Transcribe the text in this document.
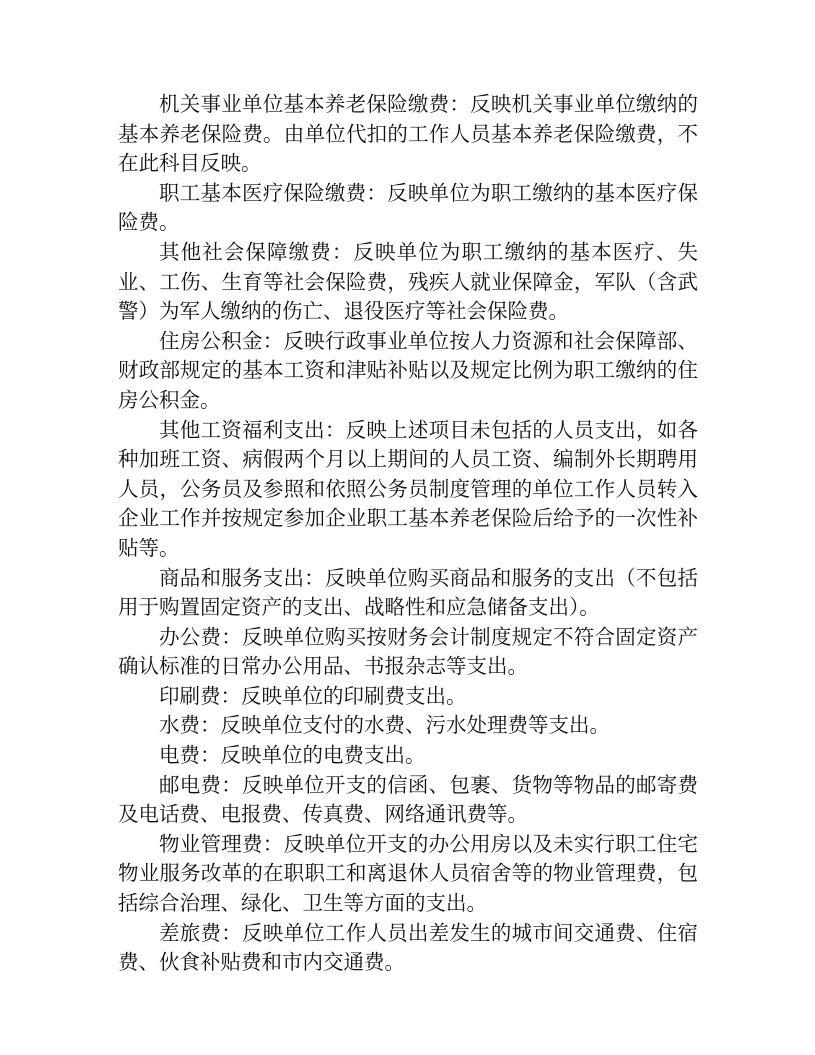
机关事业单位基本养老保险缴费：反映机关事业单位缴纳的基本养老保险费。由单位代扣的工作人员基本养老保险缴费，不在此科目反映。

职工基本医疗保险缴费：反映单位为职工缴纳的基本医疗保险费。

其他社会保障缴费：反映单位为职工缴纳的基本医疗、失业、工伤、生育等社会保险费，残疾人就业保障金，军队（含武警）为军人缴纳的伤亡、退役医疗等社会保险费。

住房公积金：反映行政事业单位按人力资源和社会保障部、财政部规定的基本工资和津贴补贴以及规定比例为职工缴纳的住房公积金。

其他工资福利支出：反映上述项目未包括的人员支出，如各种加班工资、病假两个月以上期间的人员工资、编制外长期聘用人员，公务员及参照和依照公务员制度管理的单位工作人员转入企业工作并按规定参加企业职工基本养老保险后给予的一次性补贴等。

商品和服务支出：反映单位购买商品和服务的支出（不包括用于购置固定资产的支出、战略性和应急储备支出）。

办公费：反映单位购买按财务会计制度规定不符合固定资产确认标准的日常办公用品、书报杂志等支出。

印刷费：反映单位的印刷费支出。

水费：反映单位支付的水费、污水处理费等支出。

电费：反映单位的电费支出。

邮电费：反映单位开支的信函、包裹、货物等物品的邮寄费及电话费、电报费、传真费、网络通讯费等。

物业管理费：反映单位开支的办公用房以及未实行职工住宅物业服务改革的在职职工和离退休人员宿舍等的物业管理费，包括综合治理、绿化、卫生等方面的支出。

差旅费：反映单位工作人员出差发生的城市间交通费、住宿费、伙食补贴费和市内交通费。
